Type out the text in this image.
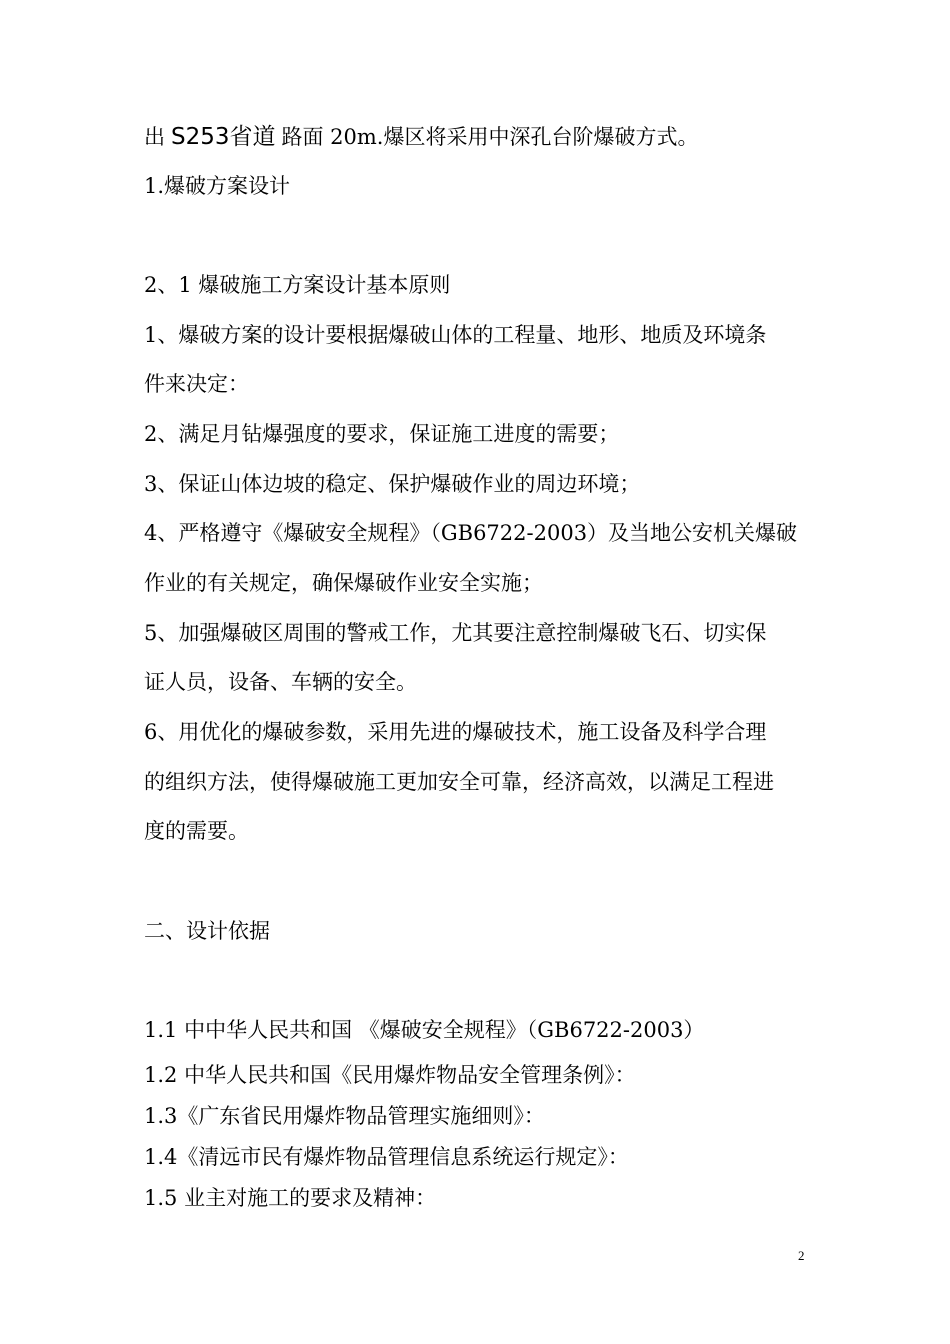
出 S253省道 路面 20m.爆区将采用中深孔台阶爆破方式。
1.爆破方案设计
2、1 爆破施工方案设计基本原则
1、爆破方案的设计要根据爆破山体的工程量、地形、地质及环境条
件来决定：
2、满足月钻爆强度的要求，保证施工进度的需要；
3、保证山体边坡的稳定、保护爆破作业的周边环境；
4、严格遵守《爆破安全规程》（GB6722-2003）及当地公安机关爆破
作业的有关规定，确保爆破作业安全实施；
5、加强爆破区周围的警戒工作，尤其要注意控制爆破飞石、切实保
证人员，设备、车辆的安全。
6、用优化的爆破参数，采用先进的爆破技术，施工设备及科学合理
的组织方法，使得爆破施工更加安全可靠，经济高效，以满足工程进
度的需要。
二、设计依据
1.1 中中华人民共和国 《爆破安全规程》（GB6722-2003）
1.2 中华人民共和国《民用爆炸物品安全管理条例》：
1.3《广东省民用爆炸物品管理实施细则》：
1.4《清远市民有爆炸物品管理信息系统运行规定》：
1.5 业主对施工的要求及精神：
2
